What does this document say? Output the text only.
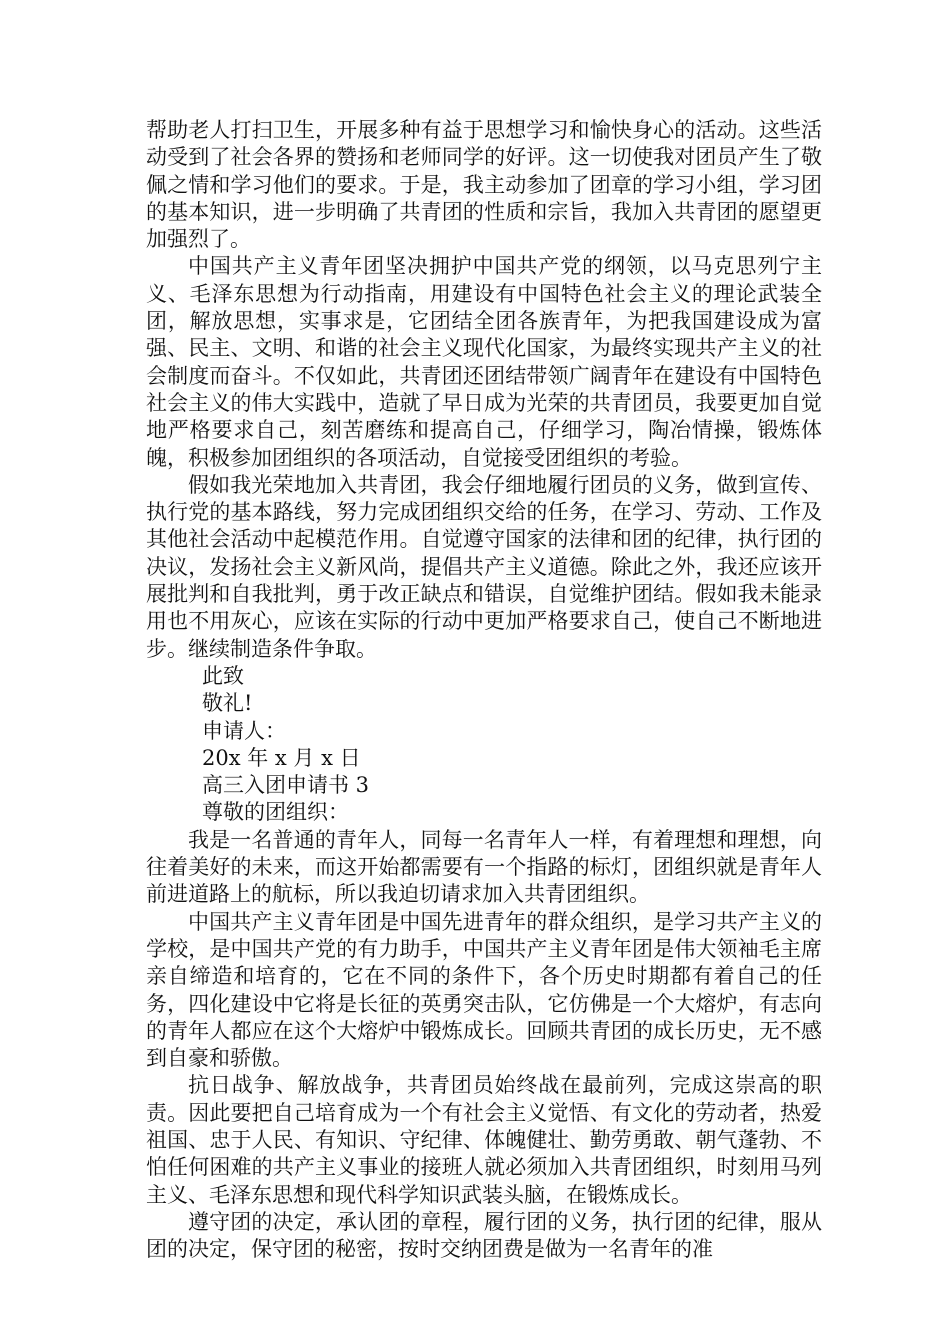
帮助老人打扫卫生，开展多种有益于思想学习和愉快身心的活动。这些活动受到了社会各界的赞扬和老师同学的好评。这一切使我对团员产生了敬佩之情和学习他们的要求。于是，我主动参加了团章的学习小组，学习团的基本知识，进一步明确了共青团的性质和宗旨，我加入共青团的愿望更加强烈了。

中国共产主义青年团坚决拥护中国共产党的纲领，以马克思列宁主义、毛泽东思想为行动指南，用建设有中国特色社会主义的理论武装全团，解放思想，实事求是，它团结全团各族青年，为把我国建设成为富强、民主、文明、和谐的社会主义现代化国家，为最终实现共产主义的社会制度而奋斗。不仅如此，共青团还团结带领广阔青年在建设有中国特色社会主义的伟大实践中，造就了早日成为光荣的共青团员，我要更加自觉地严格要求自己，刻苦磨练和提高自己，仔细学习，陶冶情操，锻炼体魄，积极参加团组织的各项活动，自觉接受团组织的考验。

假如我光荣地加入共青团，我会仔细地履行团员的义务，做到宣传、执行党的基本路线，努力完成团组织交给的任务，在学习、劳动、工作及其他社会活动中起模范作用。自觉遵守国家的法律和团的纪律，执行团的决议，发扬社会主义新风尚，提倡共产主义道德。除此之外，我还应该开展批判和自我批判，勇于改正缺点和错误，自觉维护团结。假如我未能录用也不用灰心，应该在实际的行动中更加严格要求自己，使自己不断地进步。继续制造条件争取。

此致

敬礼!

申请人：

20x 年 x 月 x 日

高三入团申请书 3

尊敬的团组织：

我是一名普通的青年人，同每一名青年人一样，有着理想和理想，向往着美好的未来，而这开始都需要有一个指路的标灯，团组织就是青年人前进道路上的航标，所以我迫切请求加入共青团组织。

中国共产主义青年团是中国先进青年的群众组织，是学习共产主义的学校，是中国共产党的有力助手，中国共产主义青年团是伟大领袖毛主席亲自缔造和培育的，它在不同的条件下，各个历史时期都有着自己的任务，四化建设中它将是长征的英勇突击队，它仿佛是一个大熔炉，有志向的青年人都应在这个大熔炉中锻炼成长。回顾共青团的成长历史，无不感到自豪和骄傲。

抗日战争、解放战争，共青团员始终战在最前列，完成这崇高的职责。因此要把自己培育成为一个有社会主义觉悟、有文化的劳动者，热爱祖国、忠于人民、有知识、守纪律、体魄健壮、勤劳勇敢、朝气蓬勃、不怕任何困难的共产主义事业的接班人就必须加入共青团组织，时刻用马列主义、毛泽东思想和现代科学知识武装头脑，在锻炼成长。

遵守团的决定，承认团的章程，履行团的义务，执行团的纪律，服从团的决定，保守团的秘密，按时交纳团费是做为一名青年的准
